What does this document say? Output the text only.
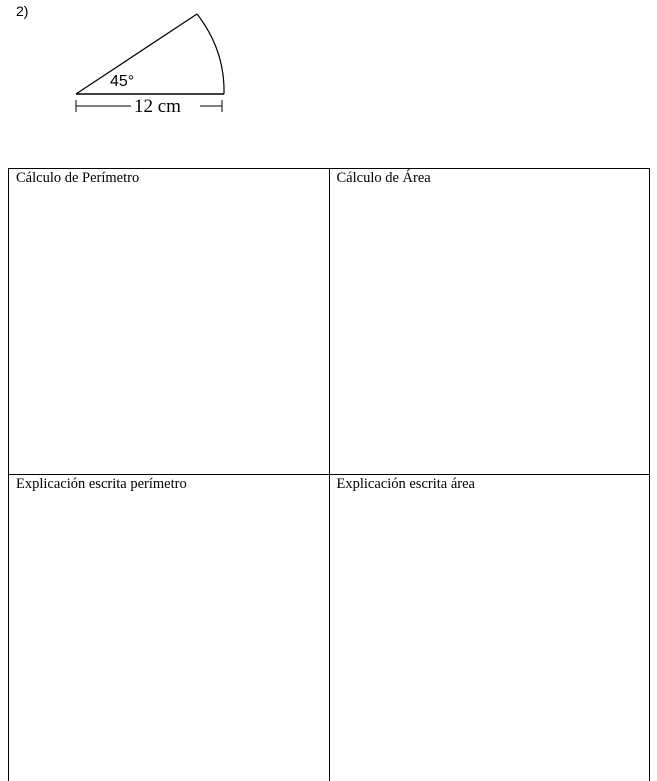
2)
45°
12 cm
Cálculo de Perímetro	Cálculo de Área
Explicación escrita perímetro	Explicación escrita área
